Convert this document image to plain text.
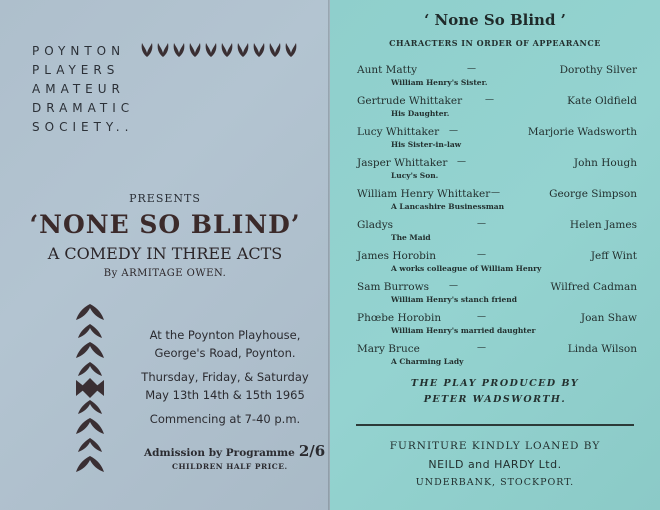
POYNTON
PLAYERS
AMATEUR
DRAMATIC
SOCIETY..
PRESENTS
‘NONE SO BLIND’
A COMEDY IN THREE ACTS
By ARMITAGE OWEN.
At the Poynton Playhouse,
George's Road, Poynton.
Thursday, Friday, & Saturday
May 13th 14th & 15th 1965
Commencing at 7-40 p.m.
Admission by Programme 2/6
CHILDREN HALF PRICE.
‘ None So Blind ’
CHARACTERS IN ORDER OF APPEARANCE
Aunt Matty	—	Dorothy Silver
William Henry's Sister.
Gertrude Whittaker	—	Kate Oldfield
His Daughter.
Lucy Whittaker —	Marjorie Wadsworth
His Sister-in-law
Jasper Whittaker —	John Hough
Lucy's Son.
William Henry Whittaker —	George Simpson
A Lancashire Businessman
Gladys	—	Helen James
The Maid
James Horobin	—	Jeff Wint
A works colleague of William Henry
Sam Burrows —	Wilfred Cadman
William Henry's stanch friend
Phœbe Horobin	—	Joan Shaw
William Henry's married daughter
Mary Bruce	—	Linda Wilson
A Charming Lady
THE PLAY PRODUCED BY
PETER WADSWORTH.
FURNITURE KINDLY LOANED BY
NEILD and HARDY Ltd.
UNDERBANK, STOCKPORT.
